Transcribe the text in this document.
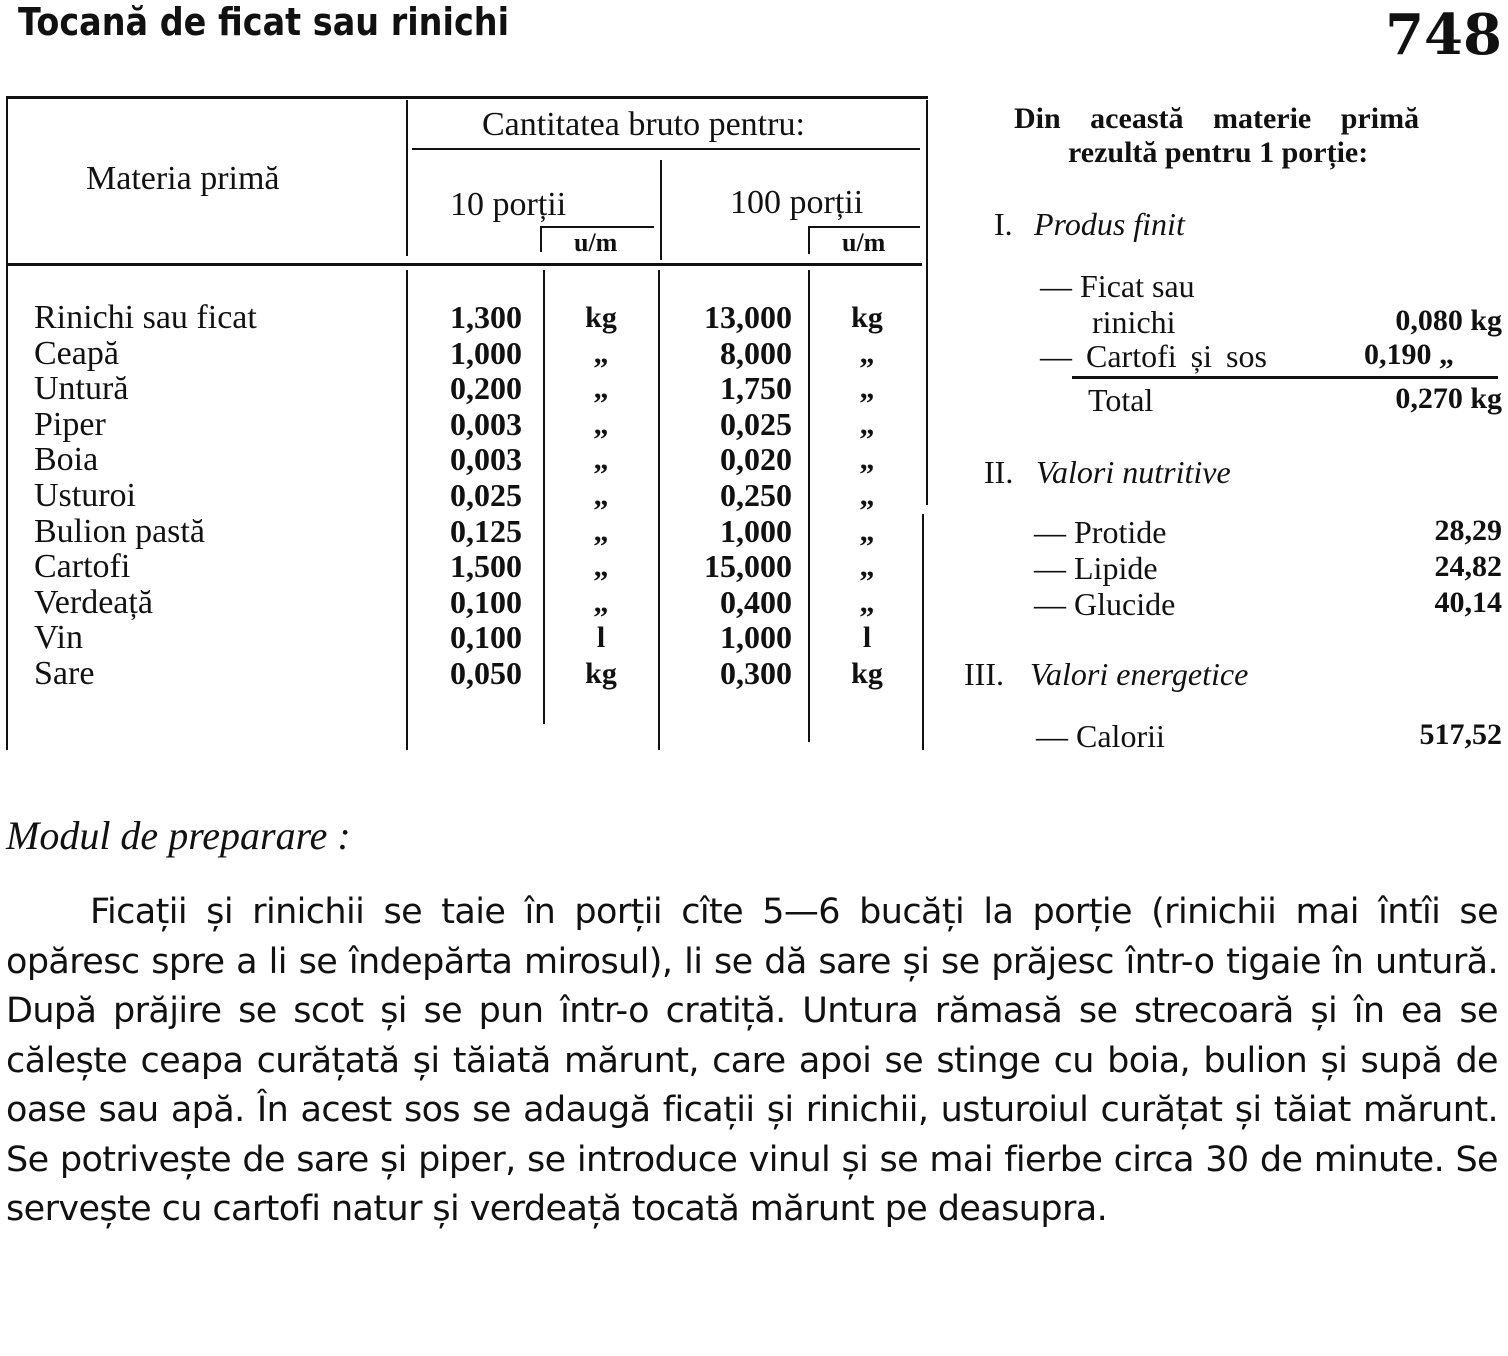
Tocană de ficat sau rinichi	748
Materia primă
Cantitatea bruto pentru:
10 porții	100 porții
u/m	u/m
Rinichi sau ficat	1,300	kg	13,000	kg
Ceapă	1,000	„	8,000	„
Untură	0,200	„	1,750	„
Piper	0,003	„	0,025	„
Boia	0,003	„	0,020	„
Usturoi	0,025	„	0,250	„
Bulion pastă	0,125	„	1,000	„
Cartofi	1,500	„	15,000	„
Verdeață	0,100	„	0,400	„
Vin	0,100	l	1,000	l
Sare	0,050	kg	0,300	kg
Din această materie primă
rezultă pentru 1 porție:
I. Produs finit
— Ficat sau
rinichi	0,080 kg
— Cartofi și sos	0,190 „
Total	0,270 kg
II. Valori nutritive
— Protide	28,29
— Lipide	24,82
— Glucide	40,14
III. Valori energetice
— Calorii	517,52
Modul de preparare :
Ficații și rinichii se taie în porții cîte 5—6 bucăți la porție (rinichii mai întîi se opăresc spre a li se îndepărta mirosul), li se dă sare și se prăjesc într-o tigaie în untură. După prăjire se scot și se pun într-o cratiță. Untura rămasă se strecoară și în ea se călește ceapa curățată și tăiată mărunt, care apoi se stinge cu boia, bulion și supă de oase sau apă. În acest sos se adaugă ficații și rinichii, usturoiul curățat și tăiat mărunt. Se potrivește de sare și piper, se introduce vinul și se mai fierbe circa 30 de minute. Se servește cu cartofi natur și verdeață tocată mărunt pe deasupra.
